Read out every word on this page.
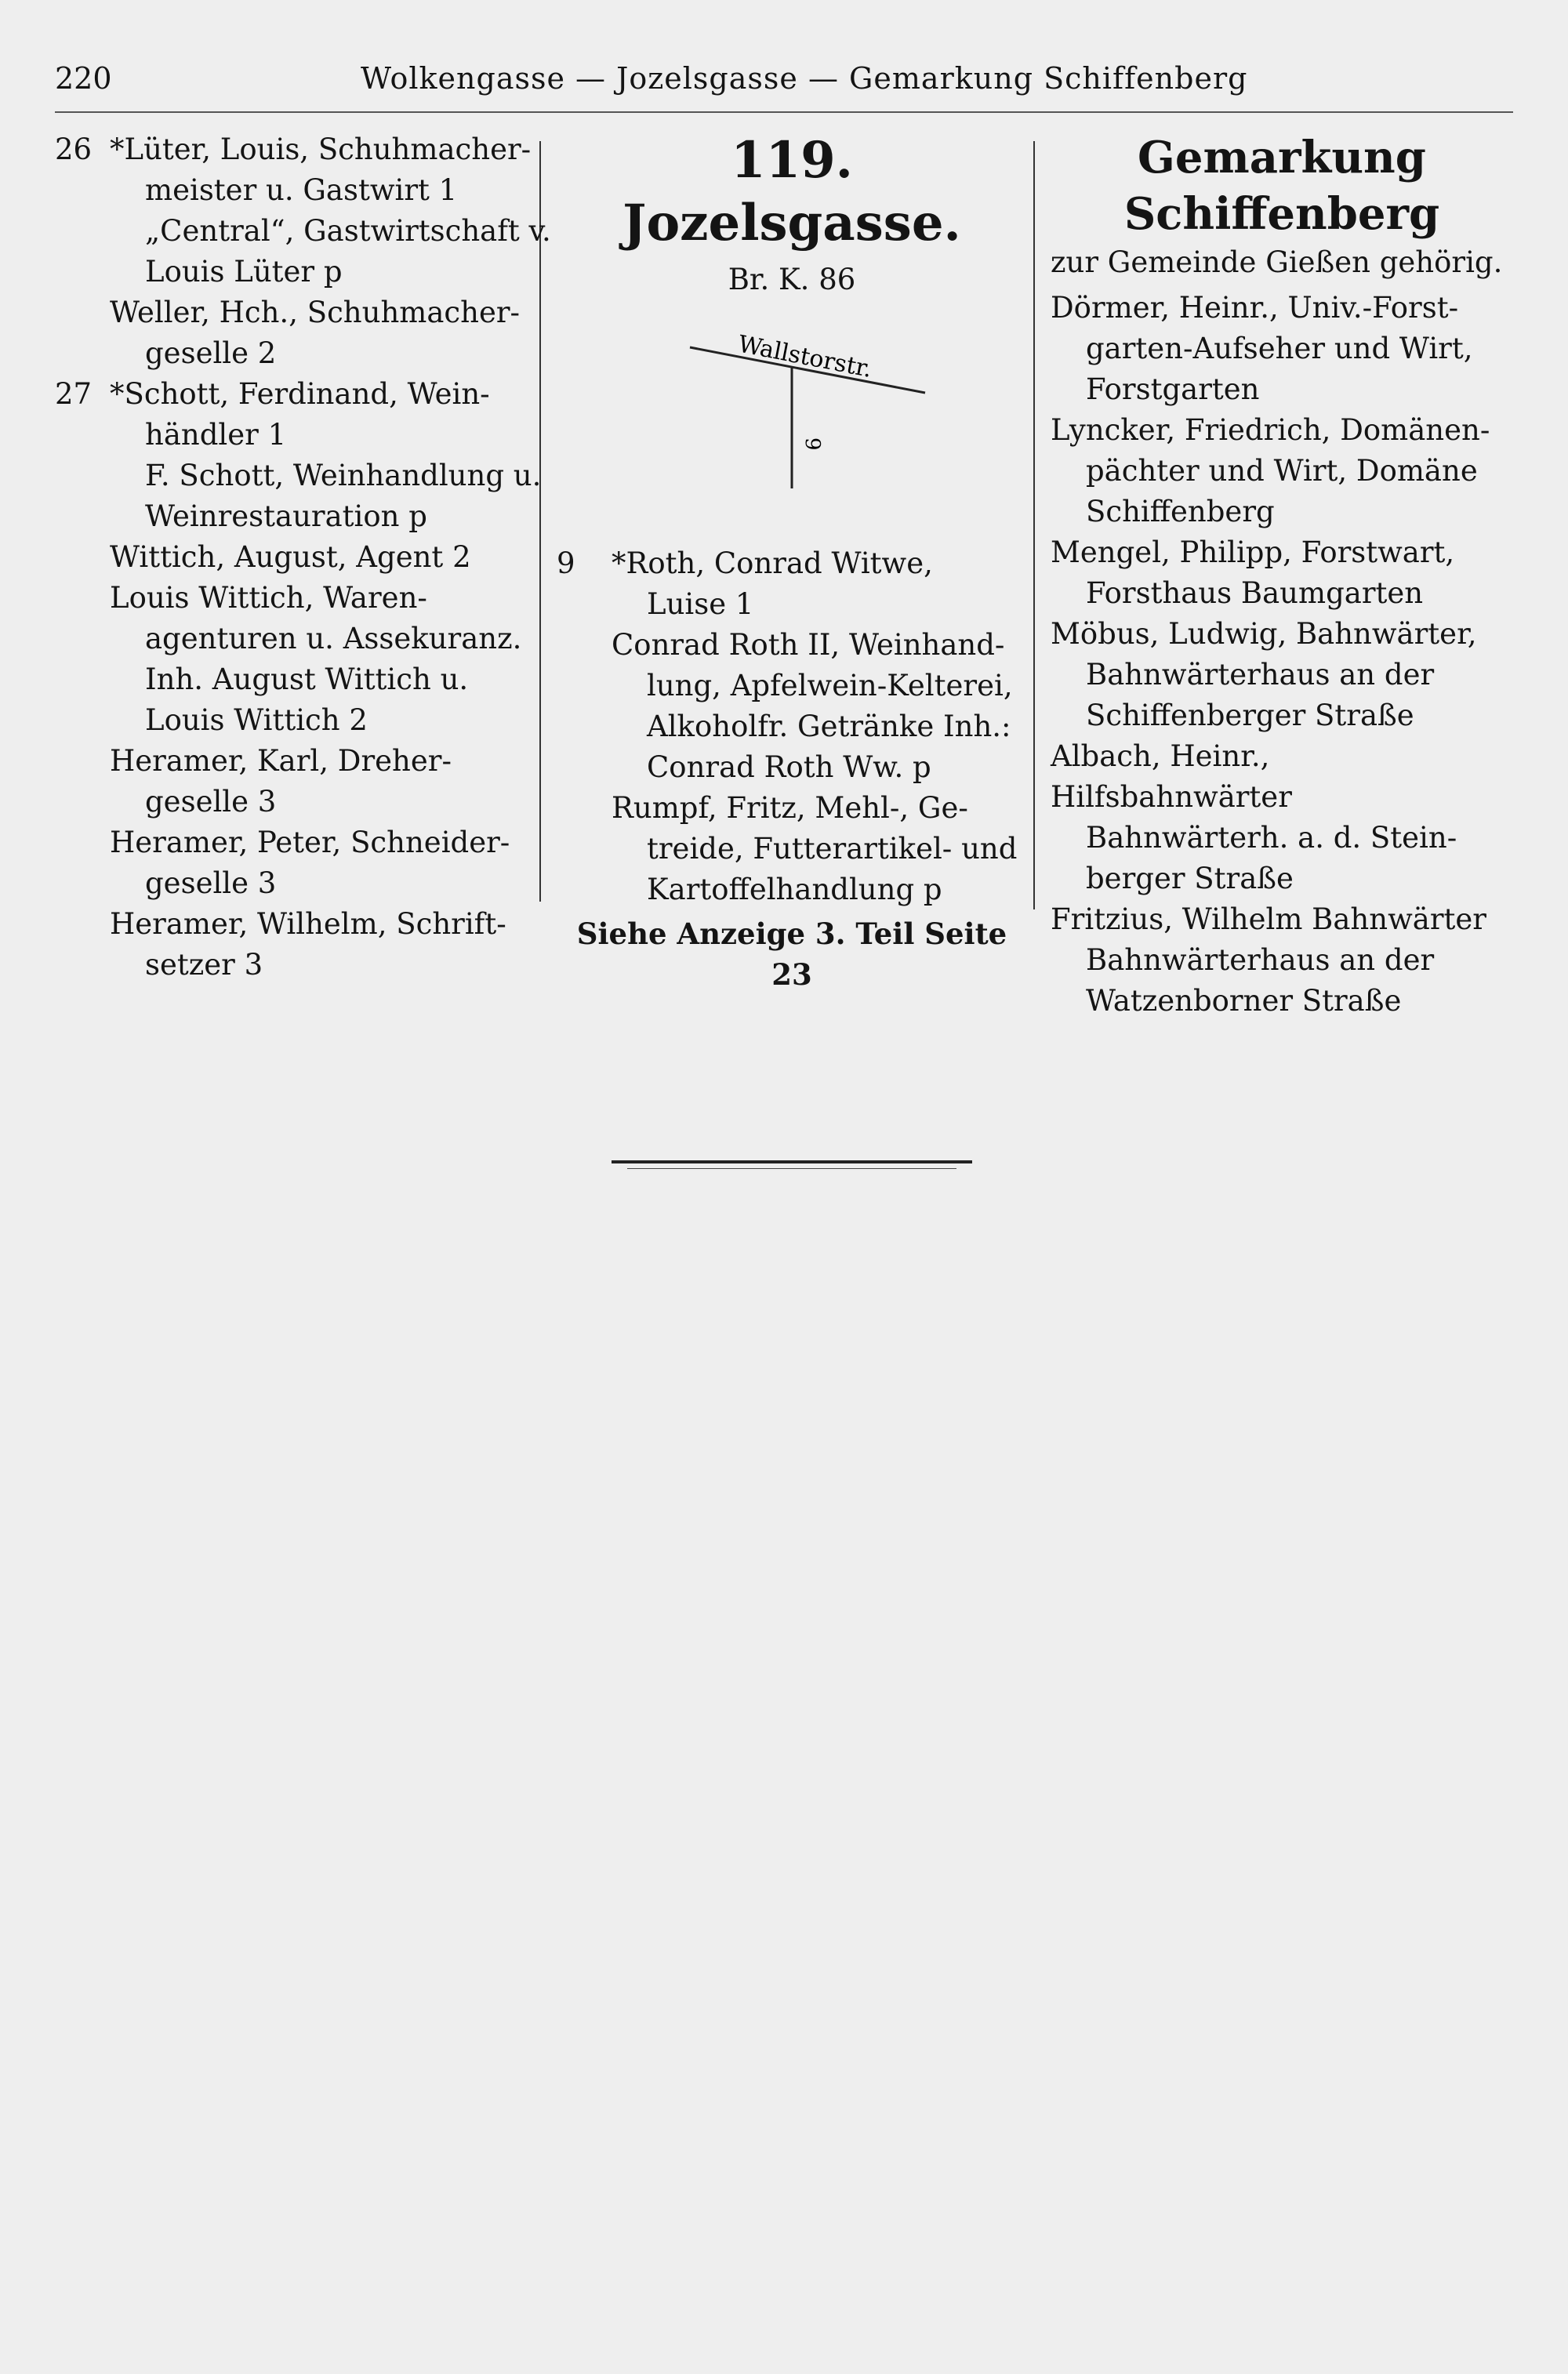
220	Wolkengasse — Jozelsgasse — Gemarkung Schiffenberg
26 *Lüter, Louis, Schuhmacher-
meister u. Gastwirt 1
„Central“, Gastwirtschaft v.
Louis Lüter p
Weller, Hch., Schuhmacher-
geselle 2
27 *Schott, Ferdinand, Wein-
händler 1
F. Schott, Weinhandlung u.
Weinrestauration p
Wittich, August, Agent 2
Louis Wittich, Waren-
agenturen u. Assekuranz.
Inh. August Wittich u.
Louis Wittich 2
Heramer, Karl, Dreher-
geselle 3
Heramer, Peter, Schneider-
geselle 3
Heramer, Wilhelm, Schrift-
setzer 3
119. Jozelsgasse.
Br. K. 86
Wallstorstr.
9
9	*Roth, Conrad Witwe,
Luise 1
Conrad Roth II, Weinhand-
lung, Apfelwein-Kelterei,
Alkoholfr. Getränke Inh.:
Conrad Roth Ww. p
Rumpf, Fritz, Mehl-, Ge-
treide, Futterartikel- und
Kartoffelhandlung p
Siehe Anzeige 3. Teil Seite 23
Gemarkung
Schiffenberg
zur Gemeinde Gießen gehörig.
Dörmer, Heinr., Univ.-Forst-
garten-Aufseher und Wirt,
Forstgarten
Lyncker, Friedrich, Domänen-
pächter und Wirt, Domäne
Schiffenberg
Mengel, Philipp, Forstwart,
Forsthaus Baumgarten
Möbus, Ludwig, Bahnwärter,
Bahnwärterhaus an der
Schiffenberger Straße
Albach, Heinr., Hilfsbahnwärter
Bahnwärterh. a. d. Stein-
berger Straße
Fritzius, Wilhelm Bahnwärter
Bahnwärterhaus an der
Watzenborner Straße
